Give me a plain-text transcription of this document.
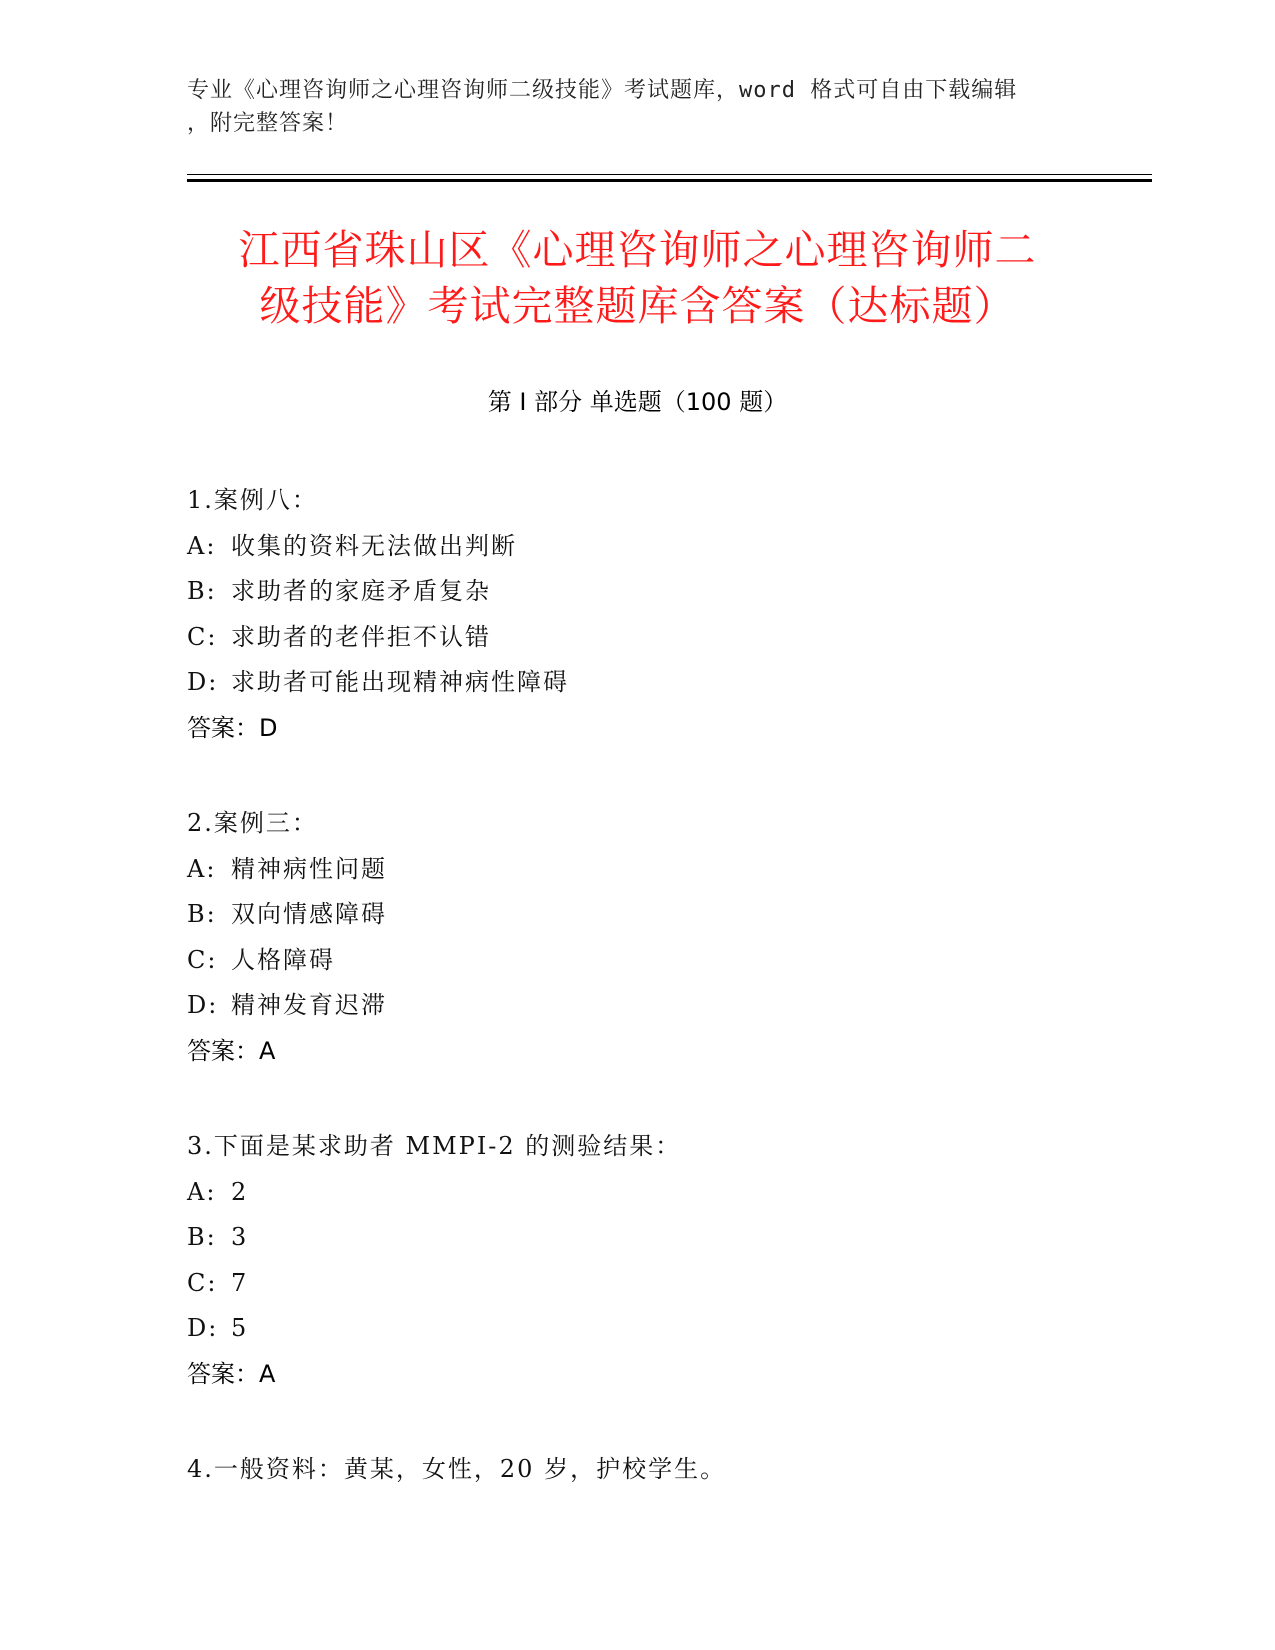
专业《心理咨询师之心理咨询师二级技能》考试题库，word 格式可自由下载编辑
，附完整答案！
江西省珠山区《心理咨询师之心理咨询师二
级技能》考试完整题库含答案（达标题）
第 I 部分 单选题（100 题）
1.案例八：
A: 收集的资料无法做出判断
B: 求助者的家庭矛盾复杂
C: 求助者的老伴拒不认错
D: 求助者可能出现精神病性障碍
答案：D
2.案例三：
A: 精神病性问题
B: 双向情感障碍
C: 人格障碍
D: 精神发育迟滞
答案：A
3.下面是某求助者 MMPI-2 的测验结果：
A: 2
B: 3
C: 7
D: 5
答案：A
4.一般资料：黄某，女性，20 岁，护校学生。
